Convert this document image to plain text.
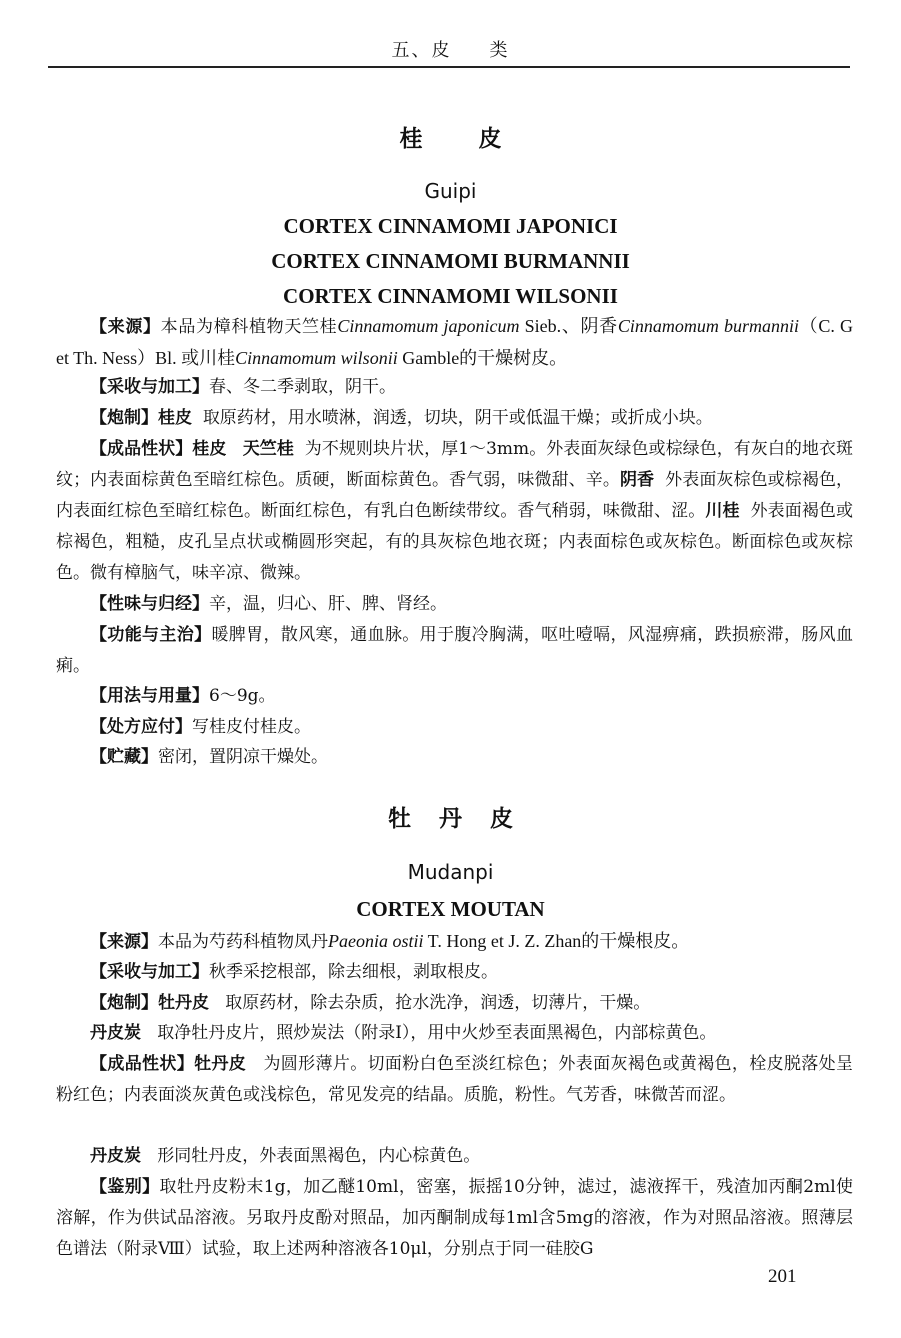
五、皮 类
桂 皮
Guipi
CORTEX CINNAMOMI JAPONICI
CORTEX CINNAMOMI BURMANNII
CORTEX CINNAMOMI WILSONII

【来源】本品为樟科植物天竺桂Cinnamomum japonicum Sieb.、阴香Cinnamomum burmannii（C. G et Th. Ness）Bl. 或川桂Cinnamomum wilsonii Gamble的干燥树皮。

【采收与加工】春、冬二季剥取，阴干。

【炮制】桂皮 取原药材，用水喷淋，润透，切块，阴干或低温干燥；或折成小块。

【成品性状】桂皮 天竺桂 为不规则块片状，厚1～3mm。外表面灰绿色或棕绿色，有灰白的地衣斑纹；内表面棕黄色至暗红棕色。质硬，断面棕黄色。香气弱，味微甜、辛。阴香 外表面灰棕色或棕褐色，内表面红棕色至暗红棕色。断面红棕色，有乳白色断续带纹。香气稍弱，味微甜、涩。川桂 外表面褐色或棕褐色，粗糙，皮孔呈点状或椭圆形突起，有的具灰棕色地衣斑；内表面棕色或灰棕色。断面棕色或灰棕色。微有樟脑气，味辛凉、微辣。

【性味与归经】辛，温，归心、肝、脾、肾经。

【功能与主治】暖脾胃，散风寒，通血脉。用于腹冷胸满，呕吐噎嗝，风湿痹痛，跌损瘀滞，肠风血痢。

【用法与用量】6～9g。

【处方应付】写桂皮付桂皮。

【贮藏】密闭，置阴凉干燥处。

牡 丹 皮
Mudanpi
CORTEX MOUTAN

【来源】本品为芍药科植物凤丹Paeonia ostii T. Hong et J. Z. Zhan的干燥根皮。

【采收与加工】秋季采挖根部，除去细根，剥取根皮。

【炮制】牡丹皮 取原药材，除去杂质，抢水洗净，润透，切薄片，干燥。

丹皮炭 取净牡丹皮片，照炒炭法（附录Ⅰ），用中火炒至表面黑褐色，内部棕黄色。

【成品性状】牡丹皮 为圆形薄片。切面粉白色至淡红棕色；外表面灰褐色或黄褐色，栓皮脱落处呈粉红色；内表面淡灰黄色或浅棕色，常见发亮的结晶。质脆，粉性。气芳香，味微苦而涩。

丹皮炭 形同牡丹皮，外表面黑褐色，内心棕黄色。

【鉴别】取牡丹皮粉末1g，加乙醚10ml，密塞，振摇10分钟，滤过，滤液挥干，残渣加丙酮2ml使溶解，作为供试品溶液。另取丹皮酚对照品，加丙酮制成每1ml含5mg的溶液，作为对照品溶液。照薄层色谱法（附录Ⅷ）试验，取上述两种溶液各10μl，分别点于同一硅胶G

201
